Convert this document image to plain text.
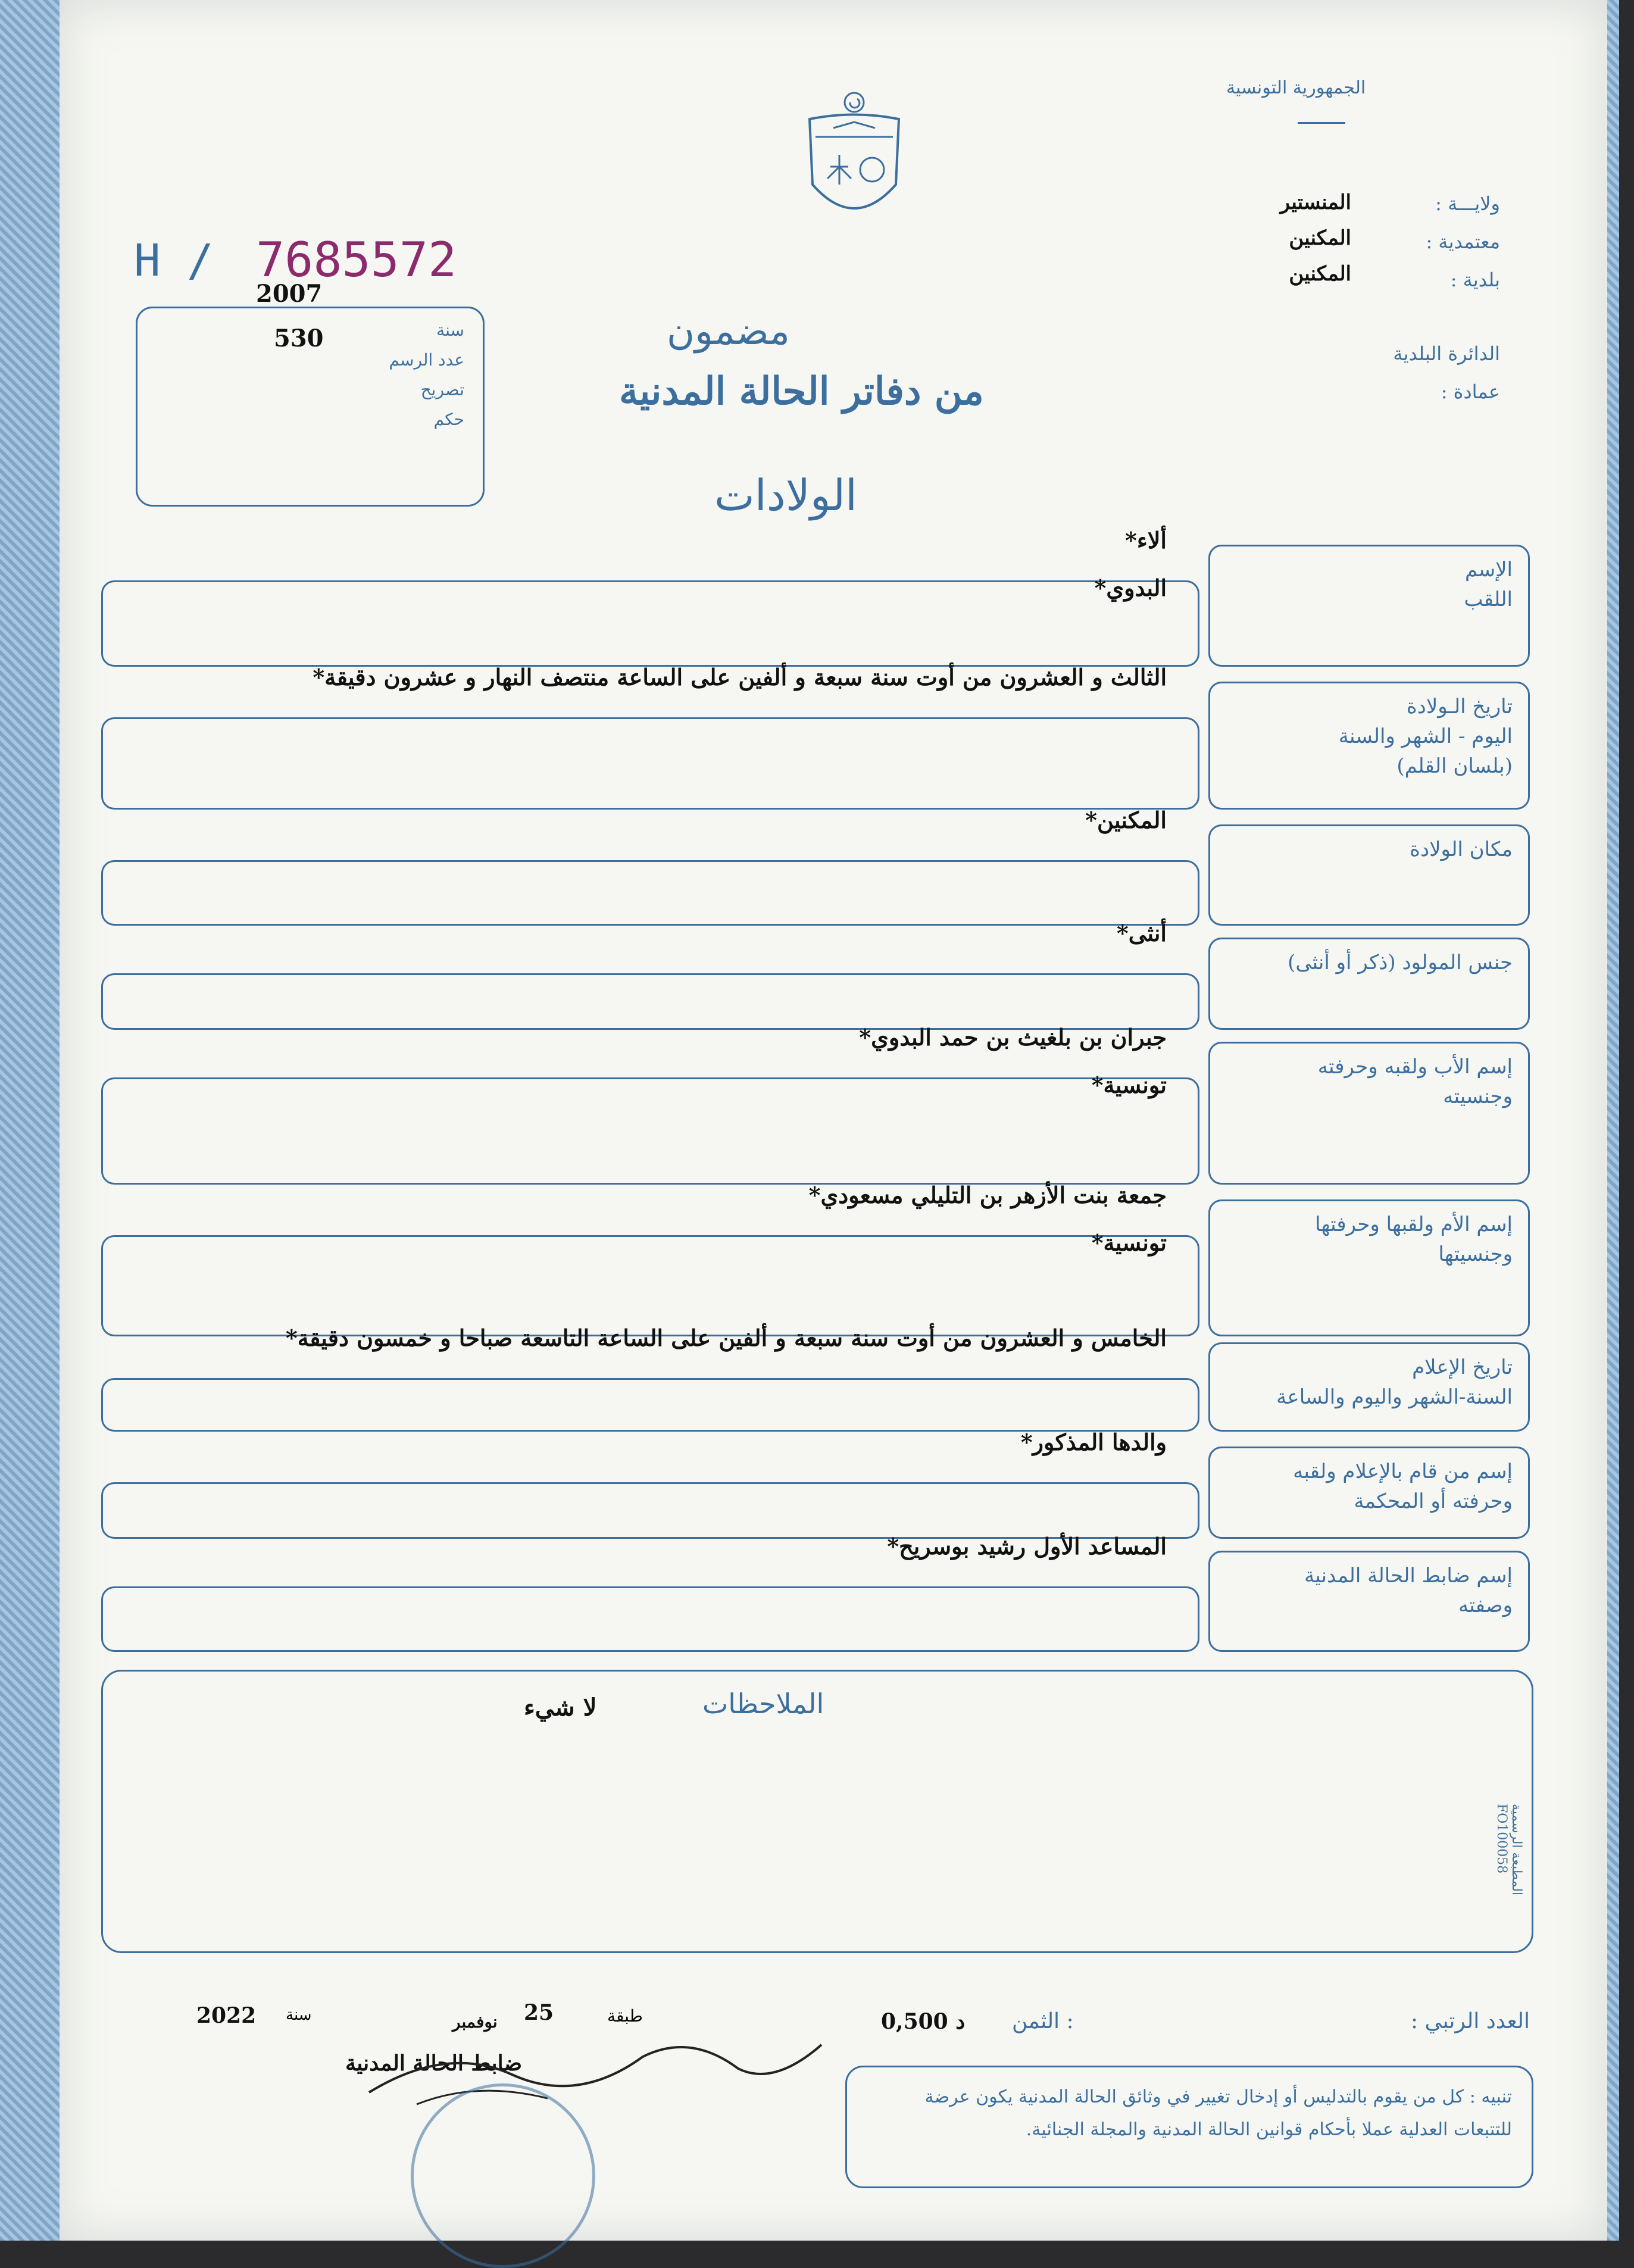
الجمهورية التونسية
ولايـــة :
معتمدية :
بلدية :
الدائرة البلدية
عمادة :
المنستير
المكنين
المكنين
H / 7685572
2007
530	سنة
عدد الرسم
تصريح
حكم
مضمون
من دفاتر الحالة المدنية
الولادات
الإسم
اللقب
ألاء*
البدوي*
تاريخ الـولادة
اليوم - الشهر والسنة
(بلسان القلم)
الثالث و العشرون من أوت سنة سبعة و ألفين على الساعة منتصف النهار و عشرون دقيقة*
مكان الولادة
المكنين*
جنس المولود (ذكر أو أنثى)
أنثى*
إسم الأب ولقبه وحرفته
وجنسيته
جبران بن بلغيث بن حمد البدوي*
تونسية*
إسم الأم ولقبها وحرفتها
وجنسيتها
جمعة بنت الأزهر بن التليلي مسعودي*
تونسية*
تاريخ الإعلام
السنة-الشهر واليوم والساعة
الخامس و العشرون من أوت سنة سبعة و ألفين على الساعة التاسعة صباحا و خمسون دقيقة*
إسم من قام بالإعلام ولقبه
وحرفته أو المحكمة
والدها المذكور*
إسم ضابط الحالة المدنية
وصفته
المساعد الأول رشيد بوسريح*
الملاحظات
لا شيء
العدد الرتبي :
الثمن :
0,500 د
طبقة
25
نوفمبر
سنة
2022
ضابط الحالة المدنية
تنبيه : كل من يقوم بالتدليس أو إدخال تغيير في وثائق الحالة المدنية يكون عرضة للتتبعات العدلية عملا بأحكام قوانين الحالة المدنية والمجلة الجنائية.
المطبعة الرسمية FO100058
